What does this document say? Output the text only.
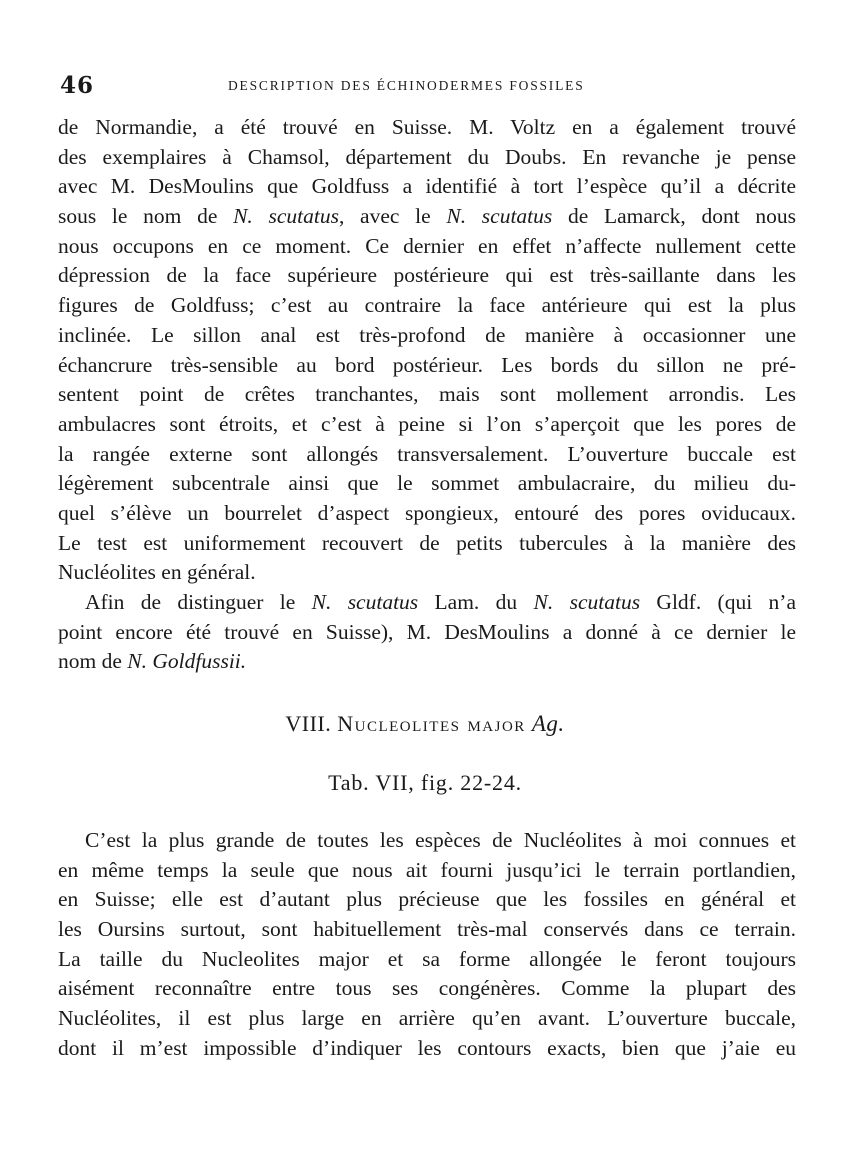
46	DESCRIPTION DES ÉCHINODERMES FOSSILES
de Normandie, a été trouvé en Suisse. M. Voltz en a également trouvé
des exemplaires à Chamsol, département du Doubs. En revanche je pense
avec M. DesMoulins que Goldfuss a identifié à tort l’espèce qu’il a décrite
sous le nom de N. scutatus, avec le N. scutatus de Lamarck, dont nous
nous occupons en ce moment. Ce dernier en effet n’affecte nullement cette
dépression de la face supérieure postérieure qui est très-saillante dans les
figures de Goldfuss; c’est au contraire la face antérieure qui est la plus
inclinée. Le sillon anal est très-profond de manière à occasionner une
échancrure très-sensible au bord postérieur. Les bords du sillon ne pré-
sentent point de crêtes tranchantes, mais sont mollement arrondis. Les
ambulacres sont étroits, et c’est à peine si l’on s’aperçoit que les pores de
la rangée externe sont allongés transversalement. L’ouverture buccale est
légèrement subcentrale ainsi que le sommet ambulacraire, du milieu du-
quel s’élève un bourrelet d’aspect spongieux, entouré des pores oviducaux.
Le test est uniformement recouvert de petits tubercules à la manière des
Nucléolites en général.
Afin de distinguer le N. scutatus Lam. du N. scutatus Gldf. (qui n’a
point encore été trouvé en Suisse), M. DesMoulins a donné à ce dernier le
nom de N. Goldfussii.
VIII. Nucleolites major Ag.
Tab. VII, fig. 22-24.
C’est la plus grande de toutes les espèces de Nucléolites à moi connues et
en même temps la seule que nous ait fourni jusqu’ici le terrain portlandien,
en Suisse; elle est d’autant plus précieuse que les fossiles en général et
les Oursins surtout, sont habituellement très-mal conservés dans ce terrain.
La taille du Nucleolites major et sa forme allongée le feront toujours
aisément reconnaître entre tous ses congénères. Comme la plupart des
Nucléolites, il est plus large en arrière qu’en avant. L’ouverture buccale,
dont il m’est impossible d’indiquer les contours exacts, bien que j’aie eu
